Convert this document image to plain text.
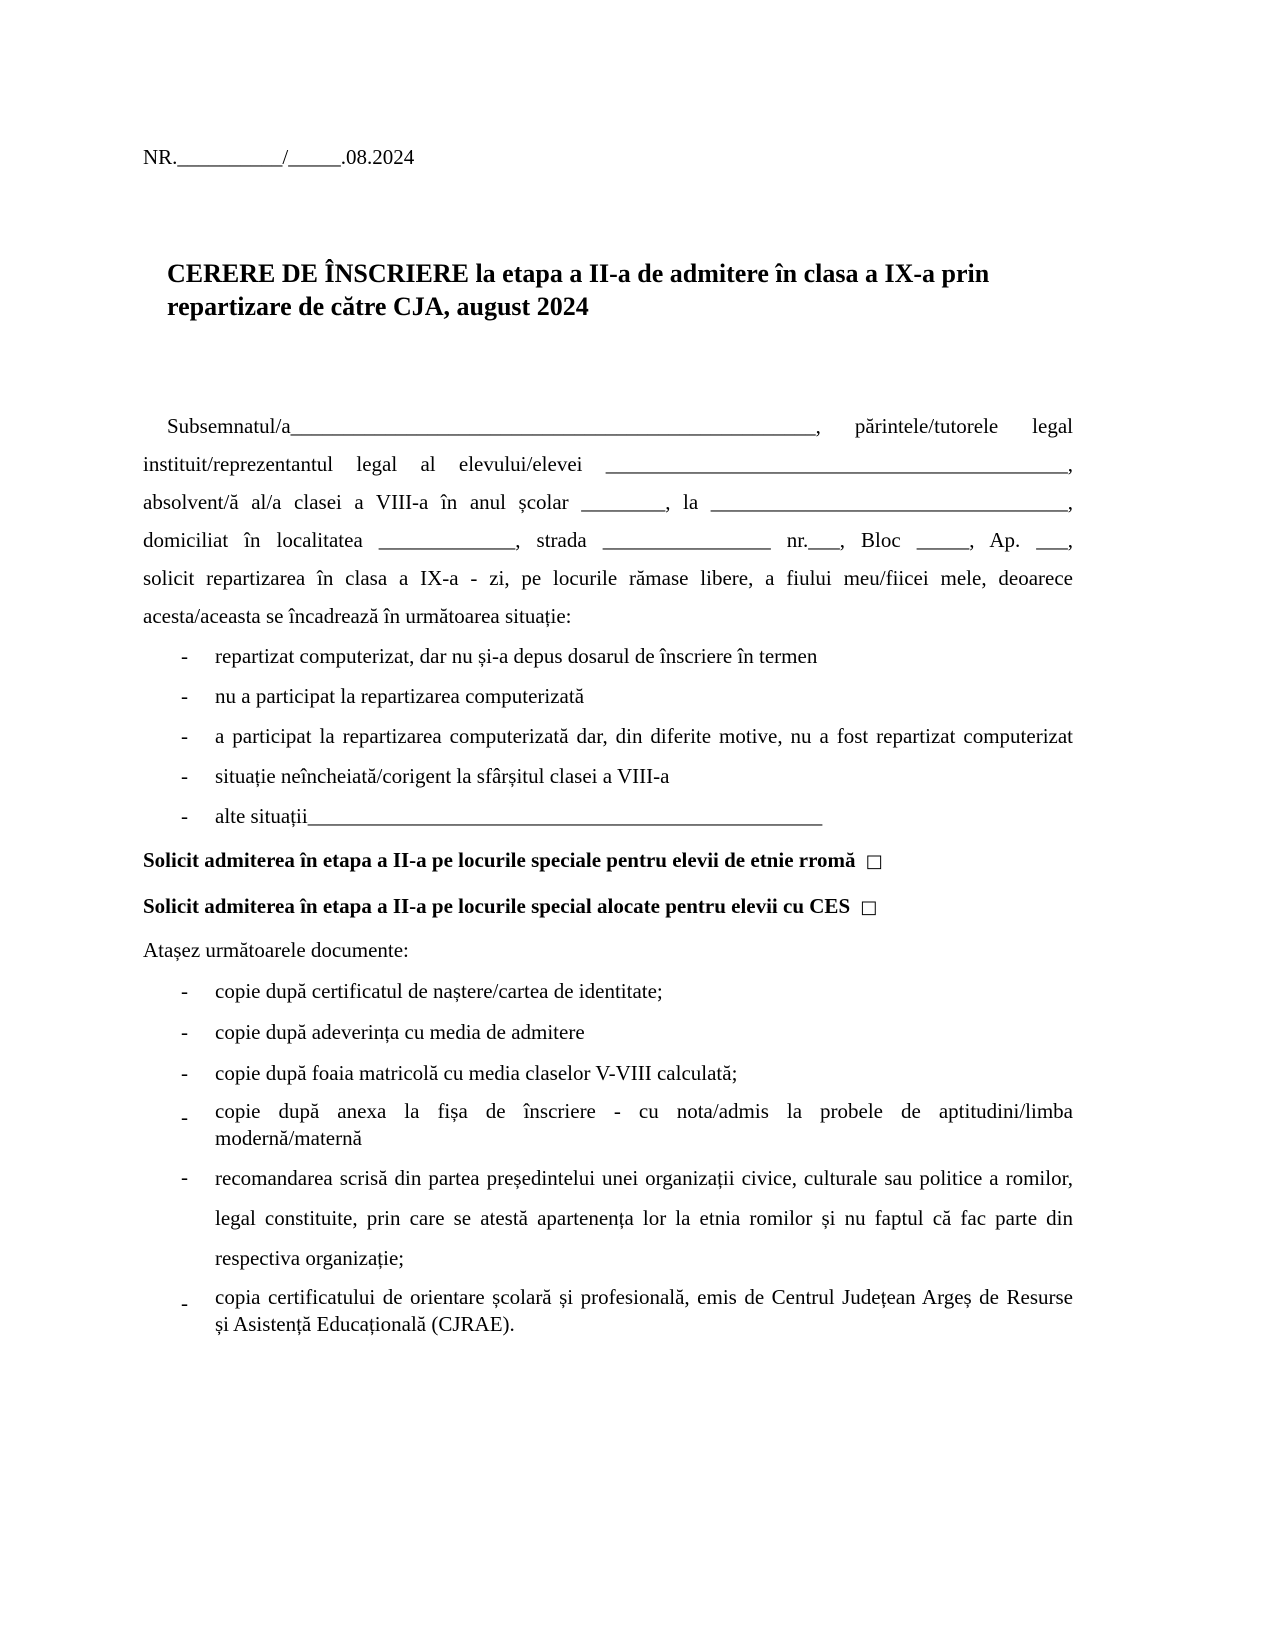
NR.__________/_____.08.2024
CERERE DE ÎNSCRIERE la etapa a II-a de admitere în clasa a IX-a prin
repartizare de către CJA, august 2024
Subsemnatul/a__________________________________________________, părintele/tutorele legal
instituit/reprezentantul legal al elevului/elevei ____________________________________________,
absolvent/ă al/a clasei a VIII-a în anul școlar ________, la __________________________________,
domiciliat în localitatea _____________, strada ________________ nr.___, Bloc _____, Ap. ___,
solicit repartizarea în clasa a IX-a - zi, pe locurile rămase libere, a fiului meu/fiicei mele, deoarece
acesta/aceasta se încadrează în următoarea situație:
-	repartizat computerizat, dar nu și-a depus dosarul de înscriere în termen
-	nu a participat la repartizarea computerizată
-	a participat la repartizarea computerizată dar, din diferite motive, nu a fost repartizat computerizat
-	situație neîncheiată/corigent la sfârșitul clasei a VIII-a
-	alte situații_________________________________________________
Solicit admiterea în etapa a II-a pe locurile speciale pentru elevii de etnie rromă □
Solicit admiterea în etapa a II-a pe locurile special alocate pentru elevii cu CES □
Atașez următoarele documente:
-	copie după certificatul de naștere/cartea de identitate;
-	copie după adeverința cu media de admitere
-	copie după foaia matricolă cu media claselor V-VIII calculată;
-	copie după anexa la fișa de înscriere - cu nota/admis la probele de aptitudini/limba
modernă/maternă
-	recomandarea scrisă din partea președintelui unei organizații civice, culturale sau politice a romilor,
legal constituite, prin care se atestă apartenența lor la etnia romilor și nu faptul că fac parte din
respectiva organizație;
-	copia certificatului de orientare școlară și profesională, emis de Centrul Județean Argeș de Resurse
și Asistență Educațională (CJRAE).
